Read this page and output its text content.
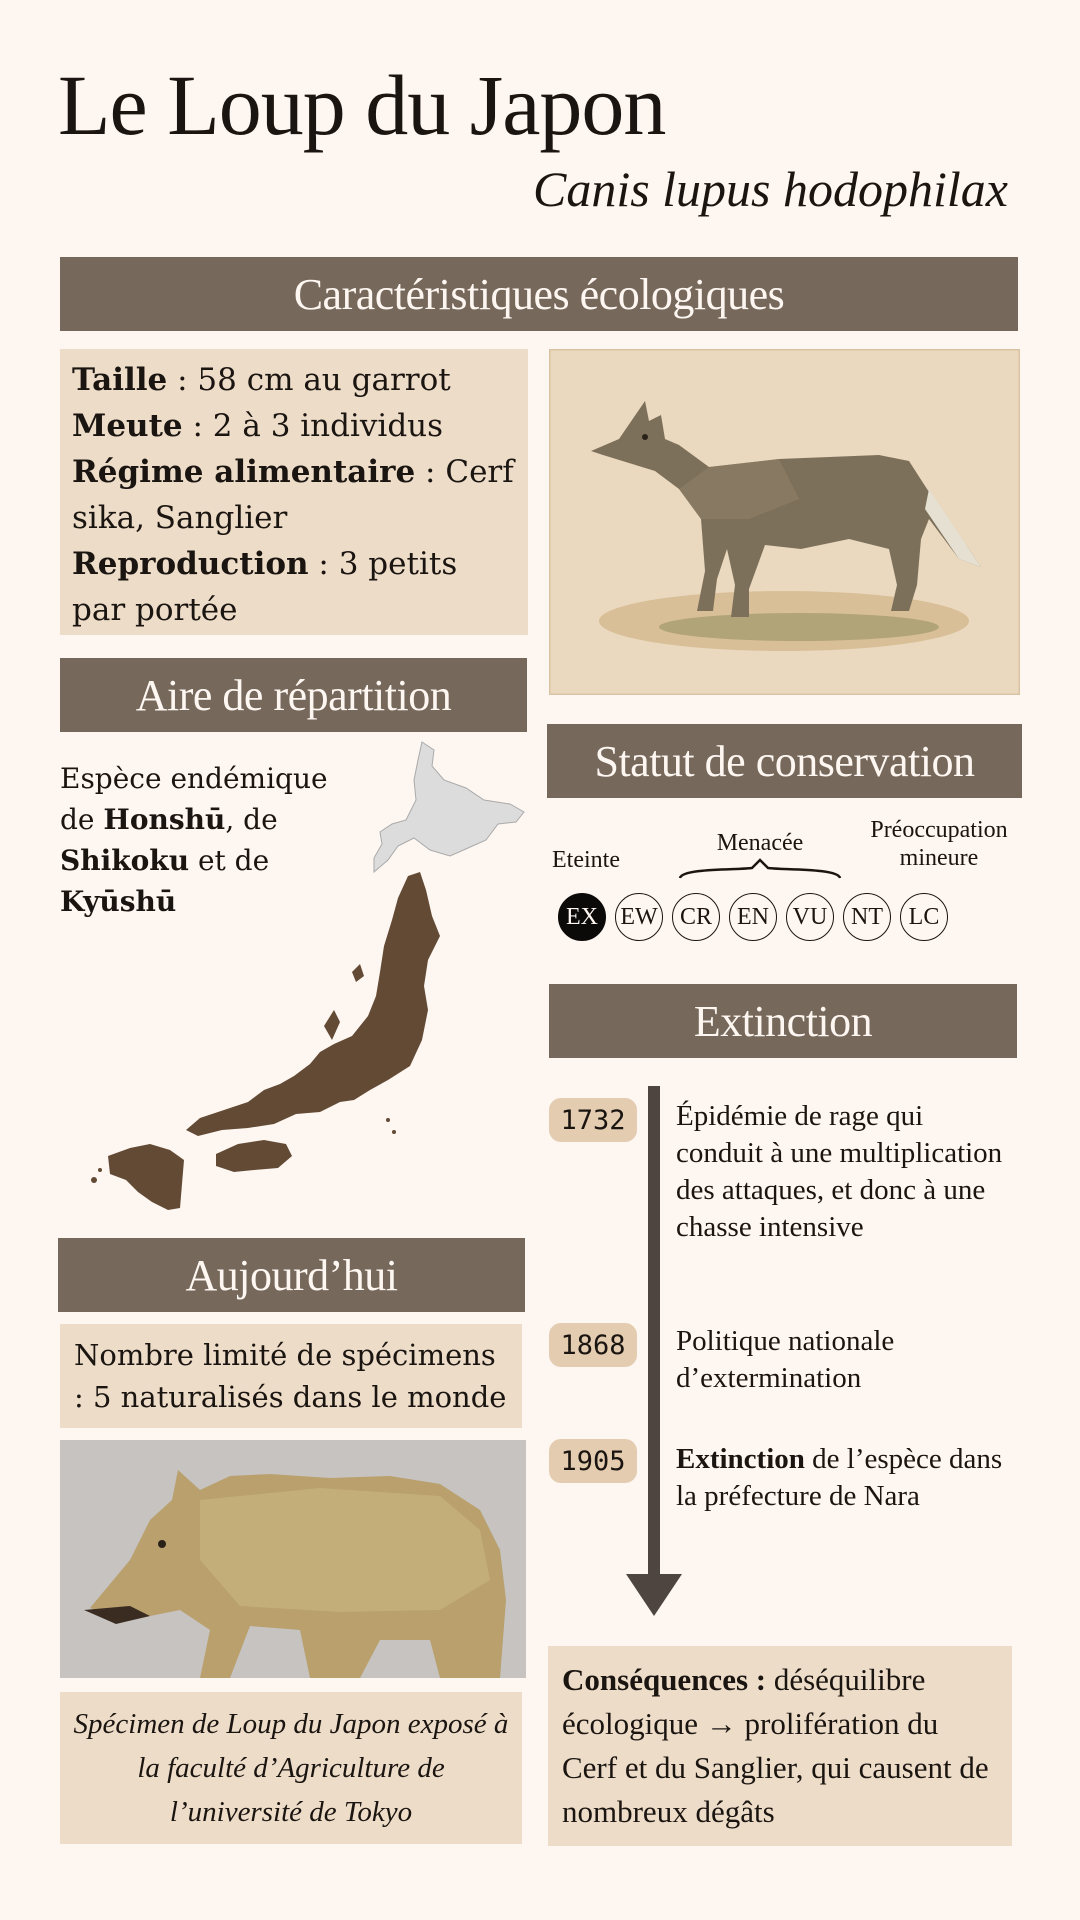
Le Loup du Japon
Canis lupus hodophilax
Caractéristiques écologiques
Taille : 58 cm au garrot
Meute : 2 à 3 individus
Régime alimentaire : Cerf sika, Sanglier
Reproduction : 3 petits par portée
Aire de répartition
Espèce endémique de Honshū, de Shikoku et de Kyūshū
Statut de conservation
Eteinte
Menacée	Préoccupation mineure
EX EW CR	EN VU NT	LC
Extinction
1732	Épidémie de rage qui conduit à une multiplication des attaques, et donc à une chasse intensive
1868	Politique nationale d’extermination
1905	Extinction de l’espèce dans la préfecture de Nara
Aujourd’hui
Nombre limité de spécimens : 5 naturalisés dans le monde
Spécimen de Loup du Japon exposé à la faculté d’Agriculture de l’université de Tokyo
Conséquences : déséquilibre écologique → prolifération du Cerf et du Sanglier, qui causent de nombreux dégâts
